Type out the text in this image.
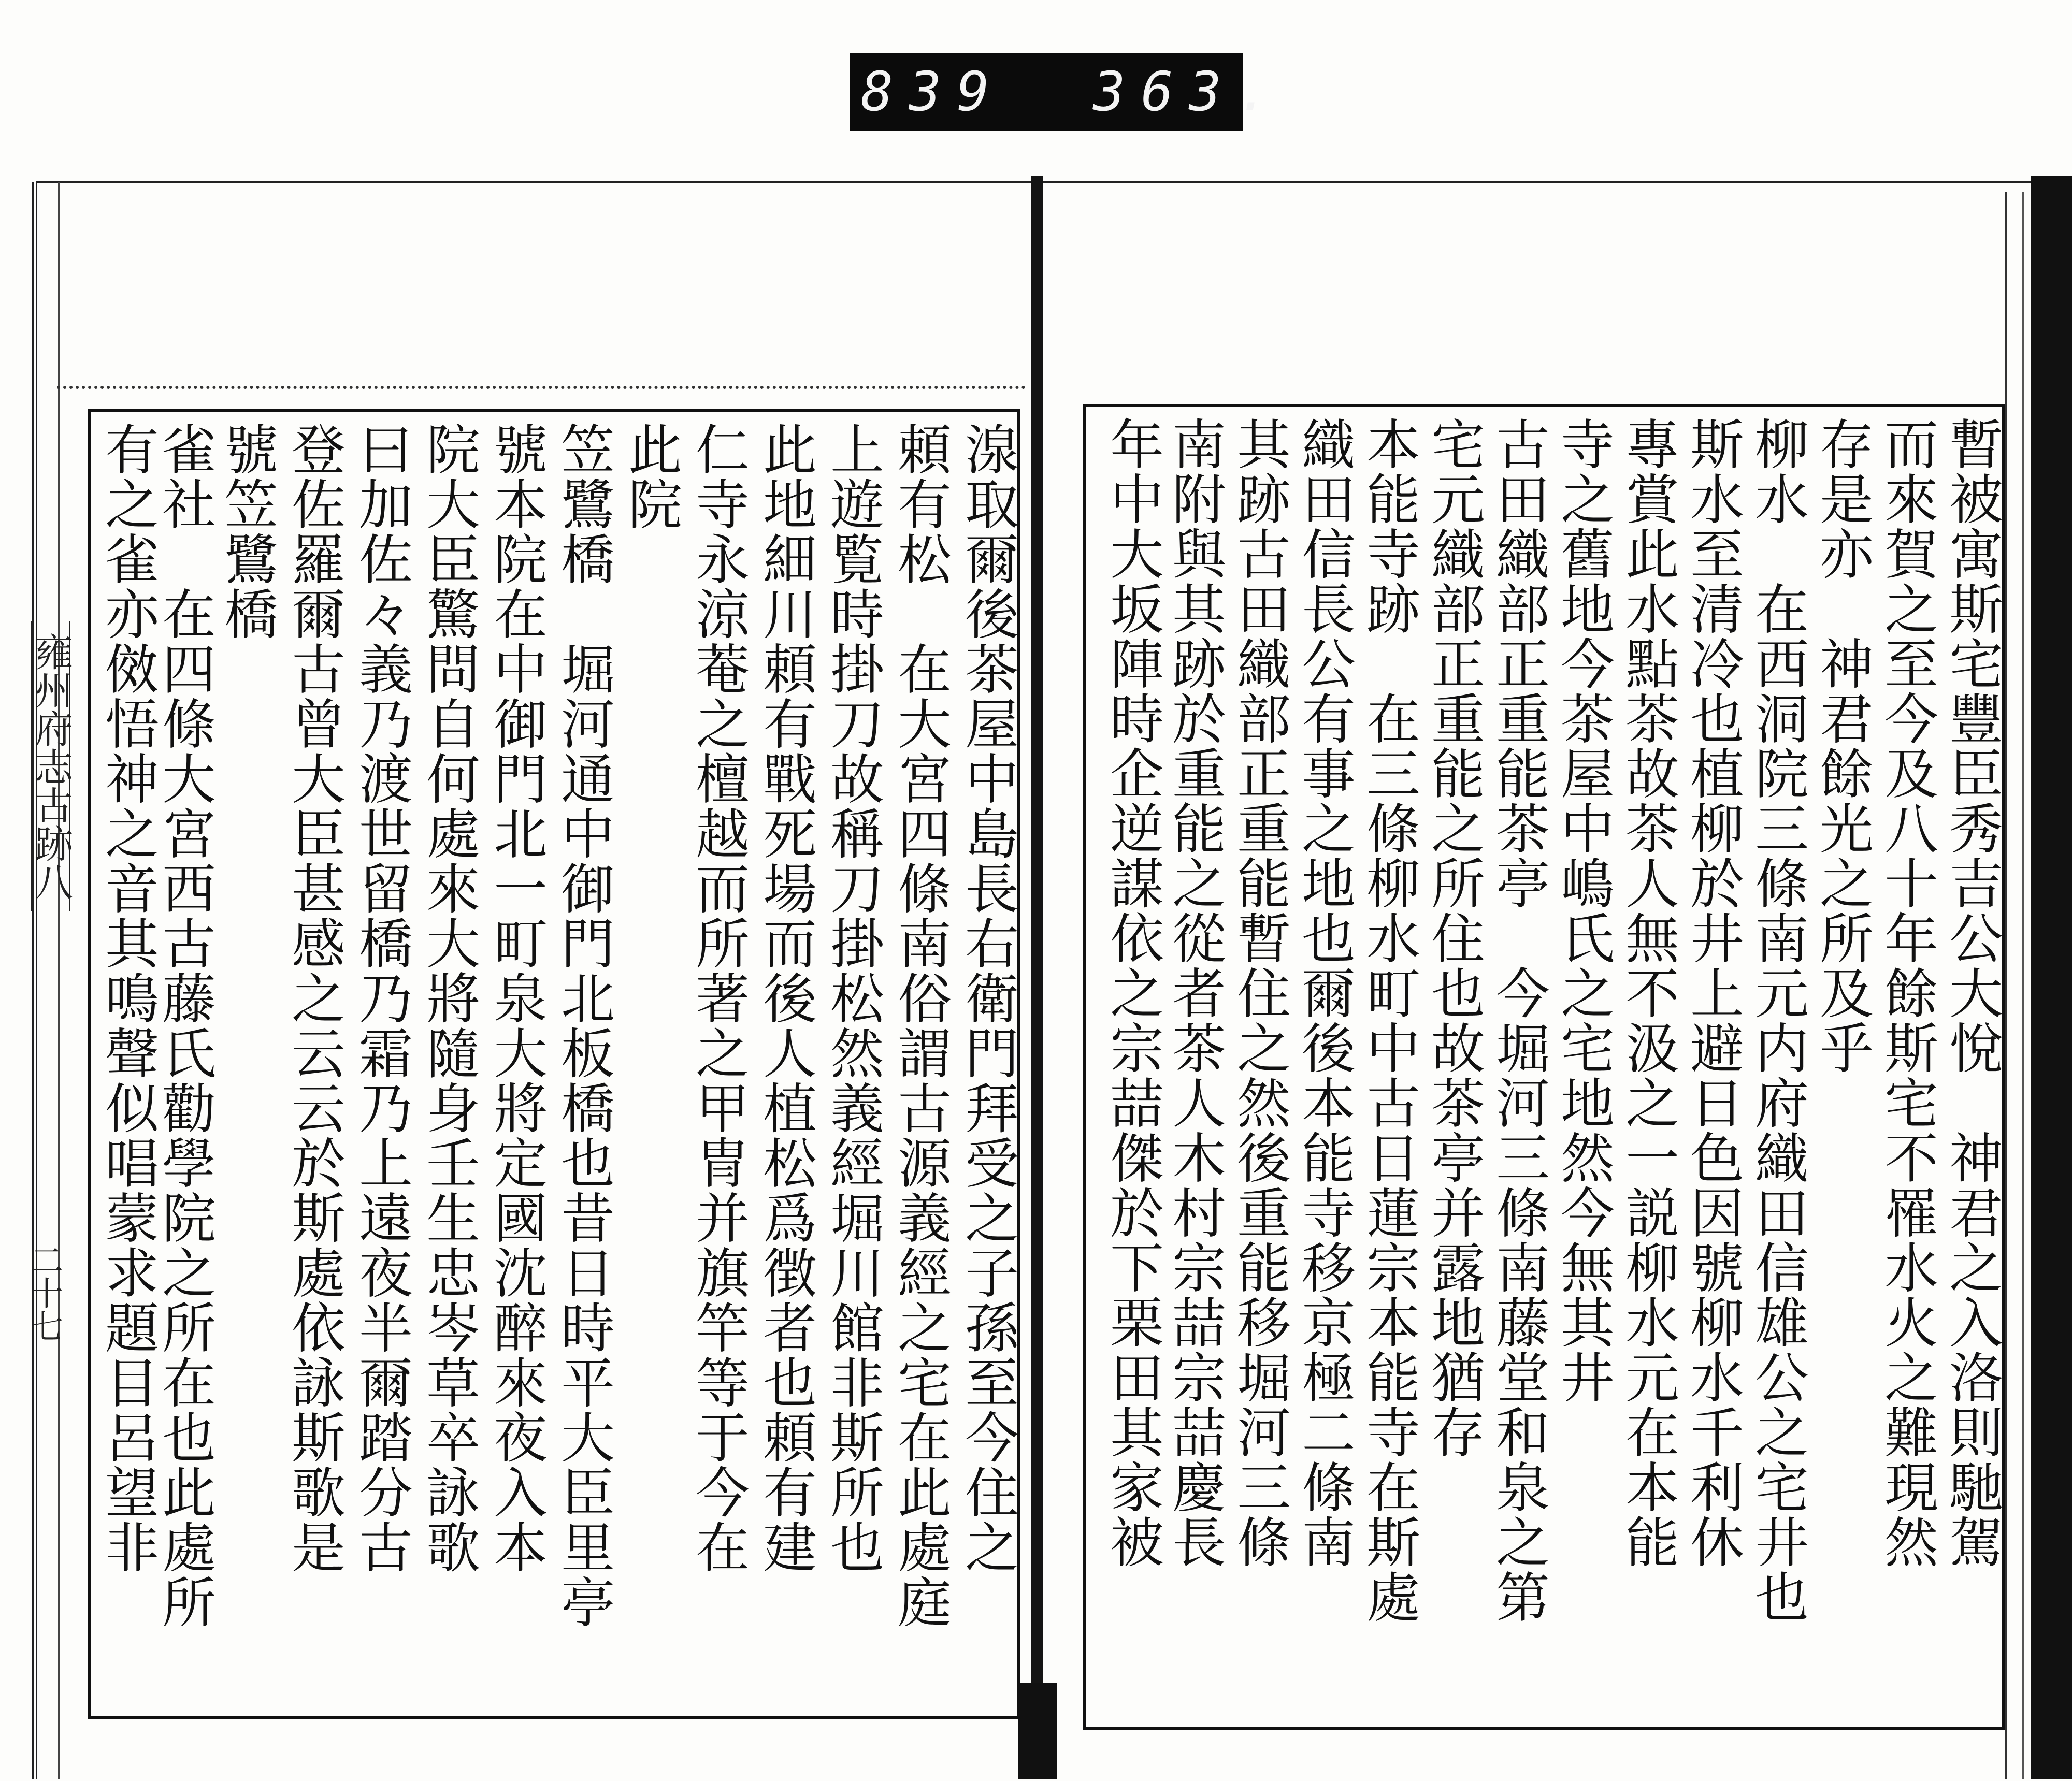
839 363.
雍州府志古跡八
二十七	湶取爾後茶屋中島長右衛門拜受之子孫至今住之
頼有松　在大宮四條南俗謂古源義經之宅在此處庭
上遊覧時掛刀故稱刀掛松然義經堀川館非斯所也
此地細川頼有戰死場而後人植松爲徴者也頼有建
仁寺永涼菴之檀越而所著之甲冑并旗竿等于今在
此院
笠鷺橋　堀河通中御門北板橋也昔日時平大臣里亭
號本院在中御門北一町泉大將定國沈醉來夜入本
院大臣驚問自何處來大將隨身壬生忠岑草卒詠歌
曰加佐々義乃渡世留橋乃霜乃上遠夜半爾踏分古
登佐羅爾古曾大臣甚感之云云於斯處依詠斯歌是
號笠鷺橋
雀社　在四條大宮西古藤氏勸學院之所在也此處所
有之雀亦傚悟神之音其鳴聲似唱蒙求題目呂望非	暫被寓斯宅豐臣秀吉公大悅　神君之入洛則馳駕
而來賀之至今及八十年餘斯宅不罹水火之難現然
存是亦　神君餘光之所及乎
柳水　在西洞院三條南元内府織田信雄公之宅井也
斯水至清冷也植柳於井上避日色因號柳水千利休
專賞此水點茶故茶人無不汲之一説柳水元在本能
寺之舊地今茶屋中嶋氏之宅地然今無其井
古田織部正重能茶亭　今堀河三條南藤堂和泉之第
宅元織部正重能之所住也故茶亭并露地猶存
本能寺跡　在三條柳水町中古日蓮宗本能寺在斯處
織田信長公有事之地也爾後本能寺移京極二條南
其跡古田織部正重能暫住之然後重能移堀河三條
南附與其跡於重能之從者茶人木村宗喆宗喆慶長
年中大坂陣時企逆謀依之宗喆傑於下栗田其家被
